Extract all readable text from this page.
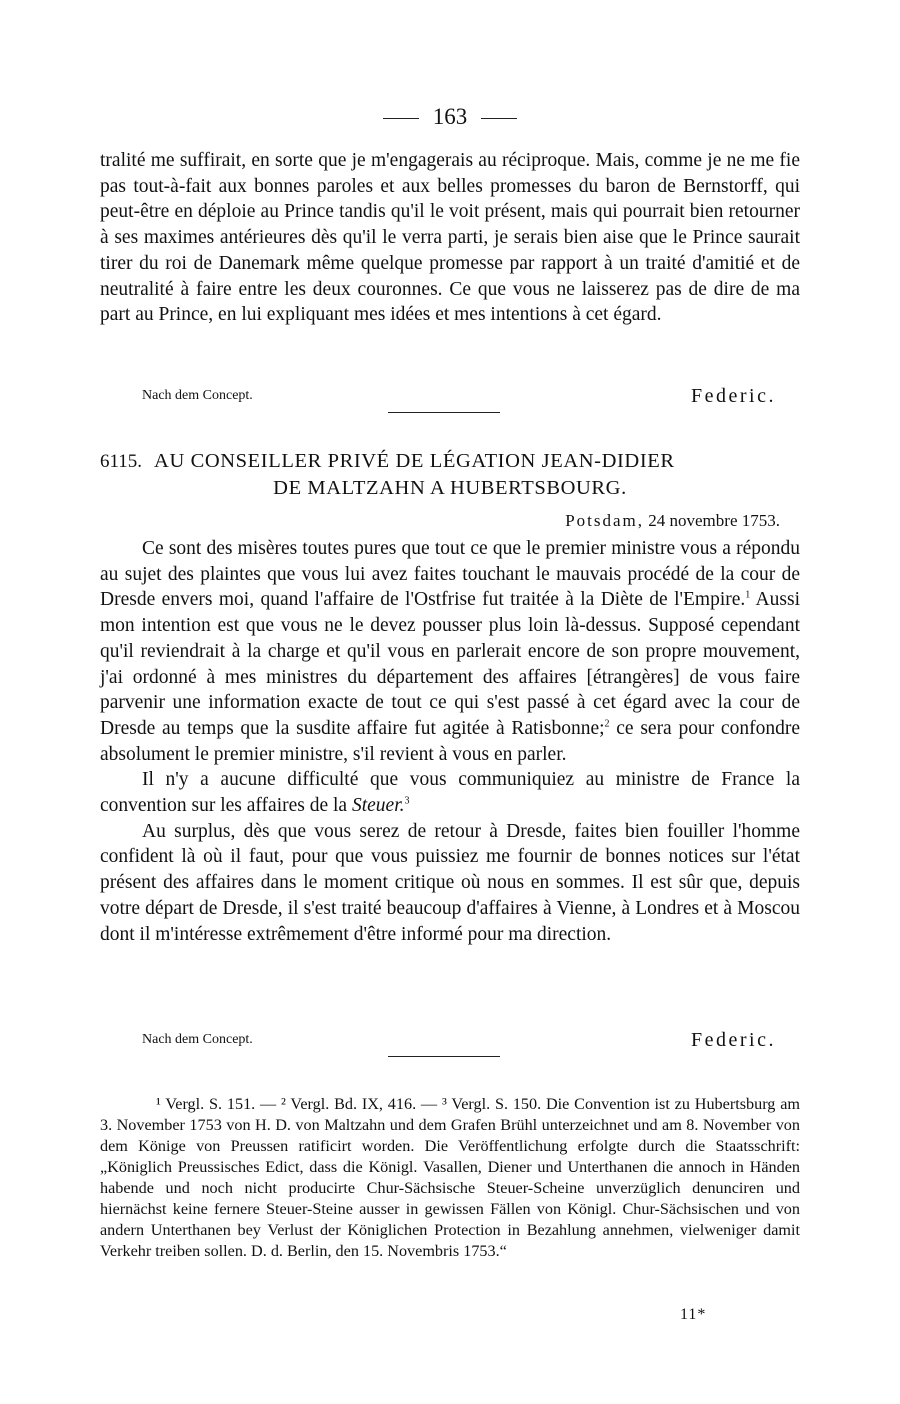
163

tralité me suffirait, en sorte que je m'engagerais au réciproque. Mais, comme je ne me fie pas tout-à-fait aux bonnes paroles et aux belles promesses du baron de Bernstorff, qui peut-être en déploie au Prince tandis qu'il le voit présent, mais qui pourrait bien retourner à ses maximes antérieures dès qu'il le verra parti, je serais bien aise que le Prince saurait tirer du roi de Danemark même quelque promesse par rapport à un traité d'amitié et de neutralité à faire entre les deux couronnes. Ce que vous ne laisserez pas de dire de ma part au Prince, en lui expliquant mes idées et mes intentions à cet égard.

Nach dem Concept.	Federic.
6115. AU CONSEILLER PRIVÉ DE LÉGATION JEAN-DIDIER
DE MALTZAHN A HUBERTSBOURG.
Potsdam, 24 novembre 1753.

Ce sont des misères toutes pures que tout ce que le premier ministre vous a répondu au sujet des plaintes que vous lui avez faites touchant le mauvais procédé de la cour de Dresde envers moi, quand l'affaire de l'Ostfrise fut traitée à la Diète de l'Empire.$^1$ Aussi mon intention est que vous ne le devez pousser plus loin là-dessus. Supposé cependant qu'il reviendrait à la charge et qu'il vous en parlerait encore de son propre mouvement, j'ai ordonné à mes ministres du département des affaires [étrangères] de vous faire parvenir une information exacte de tout ce qui s'est passé à cet égard avec la cour de Dresde au temps que la susdite affaire fut agitée à Ratisbonne;$^2$ ce sera pour confondre absolument le premier ministre, s'il revient à vous en parler.

Il n'y a aucune difficulté que vous communiquiez au ministre de France la convention sur les affaires de la Steuer.$^3$

Au surplus, dès que vous serez de retour à Dresde, faites bien fouiller l'homme confident là où il faut, pour que vous puissiez me fournir de bonnes notices sur l'état présent des affaires dans le moment critique où nous en sommes. Il est sûr que, depuis votre départ de Dresde, il s'est traité beaucoup d'affaires à Vienne, à Londres et à Moscou dont il m'intéresse extrêmement d'être informé pour ma direction.

Nach dem Concept.	Federic.

¹ Vergl. S. 151. — ² Vergl. Bd. IX, 416. — ³ Vergl. S. 150. Die Convention ist zu Hubertsburg am 3. November 1753 von H. D. von Maltzahn und dem Grafen Brühl unterzeichnet und am 8. November von dem Könige von Preussen ratificirt worden. Die Veröffentlichung erfolgte durch die Staatsschrift: „Königlich Preussisches Edict, dass die Königl. Vasallen, Diener und Unterthanen die annoch in Händen habende und noch nicht producirte Chur-Sächsische Steuer-Scheine unverzüglich denunciren und hiernächst keine fernere Steuer-Steine ausser in gewissen Fällen von Königl. Chur-Sächsischen und von andern Unterthanen bey Verlust der Königlichen Protection in Bezahlung annehmen, vielweniger damit Verkehr treiben sollen. D. d. Berlin, den 15. Novembris 1753.“

11*
